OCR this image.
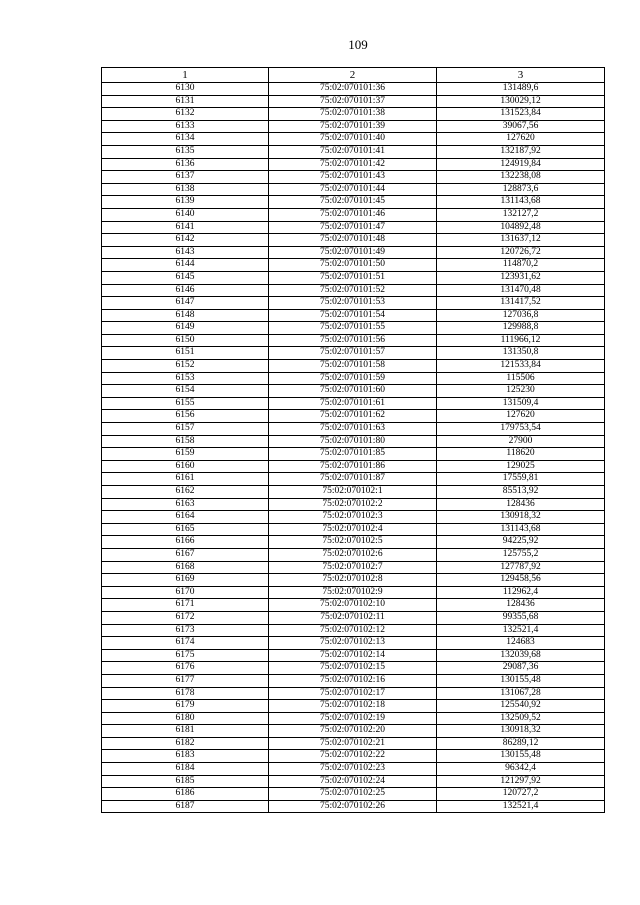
109
1	2	3
6130	75:02:070101:36	131489,6
6131	75:02:070101:37	130029,12
6132	75:02:070101:38	131523,84
6133	75:02:070101:39	39067,56
6134	75:02:070101:40	127620
6135	75:02:070101:41	132187,92
6136	75:02:070101:42	124919,84
6137	75:02:070101:43	132238,08
6138	75:02:070101:44	128873,6
6139	75:02:070101:45	131143,68
6140	75:02:070101:46	132127,2
6141	75:02:070101:47	104892,48
6142	75:02:070101:48	131637,12
6143	75:02:070101:49	120726,72
6144	75:02:070101:50	114870,2
6145	75:02:070101:51	123931,62
6146	75:02:070101:52	131470,48
6147	75:02:070101:53	131417,52
6148	75:02:070101:54	127036,8
6149	75:02:070101:55	129988,8
6150	75:02:070101:56	111966,12
6151	75:02:070101:57	131350,8
6152	75:02:070101:58	121533,84
6153	75:02:070101:59	115506
6154	75:02:070101:60	125230
6155	75:02:070101:61	131509,4
6156	75:02:070101:62	127620
6157	75:02:070101:63	179753,54
6158	75:02:070101:80	27900
6159	75:02:070101:85	118620
6160	75:02:070101:86	129025
6161	75:02:070101:87	17559,81
6162	75:02:070102:1	85513,92
6163	75:02:070102:2	128436
6164	75:02:070102:3	130918,32
6165	75:02:070102:4	131143,68
6166	75:02:070102:5	94225,92
6167	75:02:070102:6	125755,2
6168	75:02:070102:7	127787,92
6169	75:02:070102:8	129458,56
6170	75:02:070102:9	112962,4
6171	75:02:070102:10	128436
6172	75:02:070102:11	99355,68
6173	75:02:070102:12	132521,4
6174	75:02:070102:13	124683
6175	75:02:070102:14	132039,68
6176	75:02:070102:15	29087,36
6177	75:02:070102:16	130155,48
6178	75:02:070102:17	131067,28
6179	75:02:070102:18	125540,92
6180	75:02:070102:19	132509,52
6181	75:02:070102:20	130918,32
6182	75:02:070102:21	86289,12
6183	75:02:070102:22	130155,48
6184	75:02:070102:23	96342,4
6185	75:02:070102:24	121297,92
6186	75:02:070102:25	120727,2
6187	75:02:070102:26	132521,4
